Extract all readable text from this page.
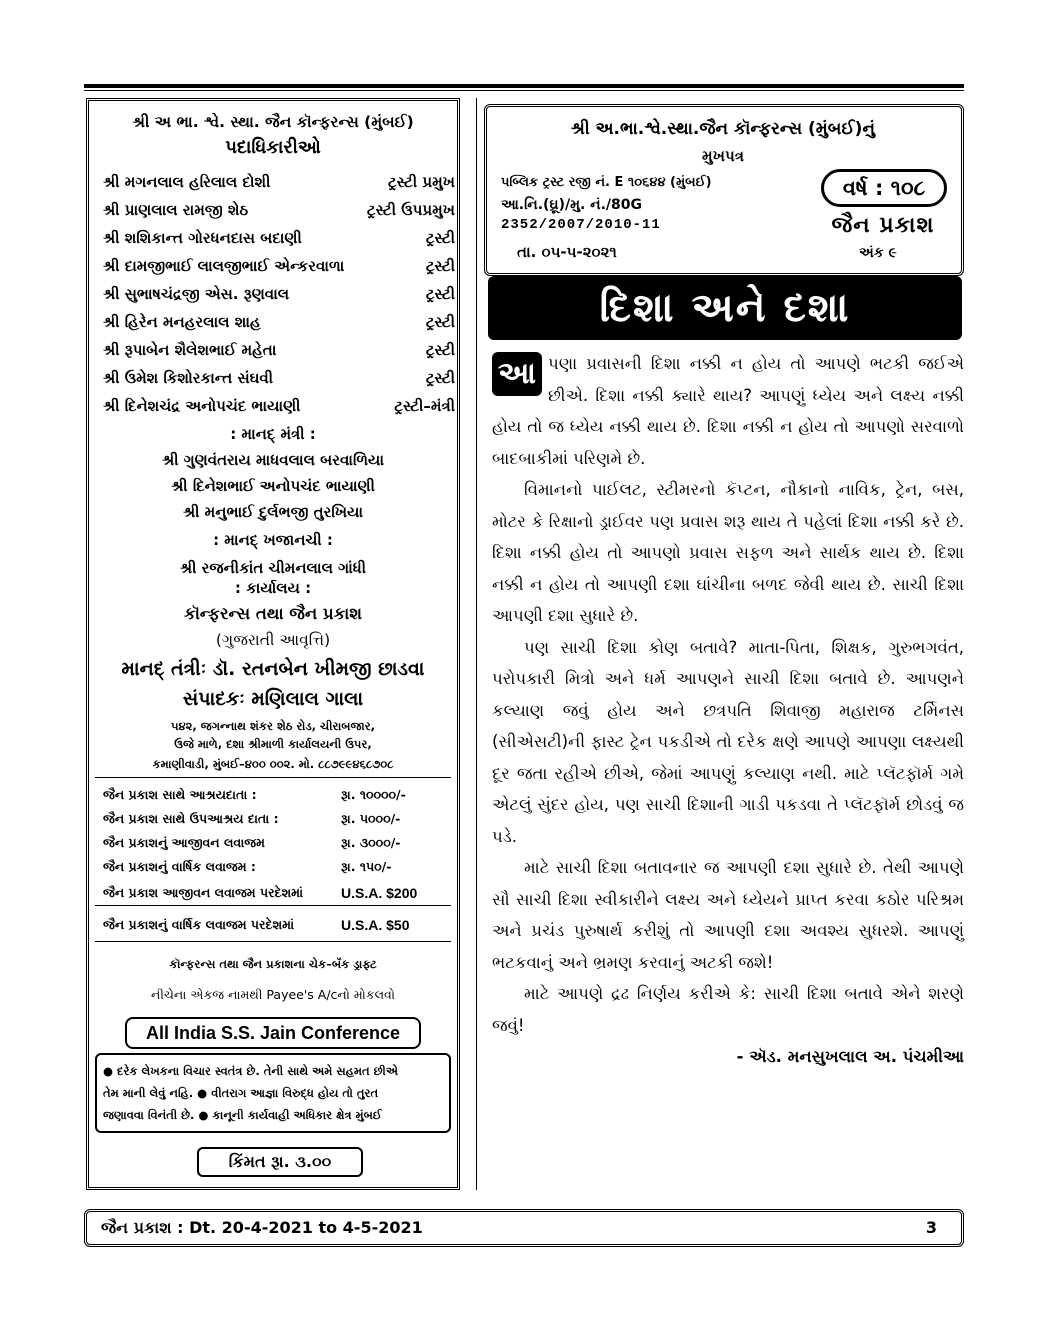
શ્રી અ ભા. શ્વે. સ્થા. જૈન કૉન્ફરન્સ (મુંબઈ)
પદાધિકારીઓ
શ્રી મગનલાલ હરિલાલ દોશી	ટ્રસ્ટી પ્રમુખ
શ્રી પ્રાણલાલ રામજી શેઠ	ટ્રસ્ટી ઉપપ્રમુખ
શ્રી શશિકાન્ત ગોરધનદાસ બદાણી	ટ્રસ્ટી
શ્રી દામજીભાઈ લાલજીભાઈ એન્કરવાળા	ટ્રસ્ટી
શ્રી સુભાષચંદ્રજી એસ. રૂણવાલ	ટ્રસ્ટી
શ્રી હિરેન મનહરલાલ શાહ	ટ્રસ્ટી
શ્રી રૂપાબેન શૈલેશભાઈ મહેતા	ટ્રસ્ટી
શ્રી ઉમેશ કિશોરકાન્ત સંઘવી	ટ્રસ્ટી
શ્રી દિનેશચંદ્ર અનોપચંદ ભાયાણી	ટ્રસ્ટી–મંત્રી
: માનદ્ મંત્રી :
શ્રી ગુણવંતરાય માધવલાલ બરવાળિયા
શ્રી દિનેશભાઈ અનોપચંદ ભાયાણી
શ્રી મનુભાઈ દુર્લભજી તુરખિયા
: માનદ્ ખજાનચી :
શ્રી રજનીકાંત ચીમનલાલ ગાંધી
: કાર્યાલય :
કૉન્ફરન્સ તથા જૈન પ્રકાશ
(ગુજરાતી આવૃત્તિ)
માનદ્ તંત્રીઃ ડૉ. રતનબેન ખીમજી છાડવા
સંપાદકઃ મણિલાલ ગાલા
૫૪૨, જગન્નાથ શંકર શેઠ રોડ, ચીરાબજાર,
ઉજે માળે, દશા શ્રીમાળી કાર્યાલયની ઉપર,
કમાણીવાડી, મુંબઈ–૪૦૦ ૦૦૨. મો. ૮૮૭૯૯૪૬૮૭૦૮
જૈન પ્રકાશ સાથે આશ્રયદાતા :	રૂા. ૧૦૦૦૦/-
જૈન પ્રકાશ સાથે ઉપઆશ્રય દાતા :	રૂા. ૫૦૦૦/-
જૈન પ્રકાશનું આજીવન લવાજમ	રૂા. ૩૦૦૦/-
જૈન પ્રકાશનું વાર્ષિક લવાજમ :	રૂા. ૧૫૦/-
જૈન પ્રકાશ આજીવન લવાજમ પરદેશમાં	U.S.A. $200
જૈન પ્રકાશનું વાર્ષિક લવાજમ પરદેશમાં	U.S.A. $50
કૉન્ફરન્સ તથા જૈન પ્રકાશના ચેક–બૅંક ડ્રાફ્ટ
નીચેના એકજ નામથી Payee's A/cનો મોકલવો
All India S.S. Jain Conference
● દરેક લેખકના વિચાર સ્વતંત્ર છે. તેની સાથે અમે સહમત છીએ
તેમ માની લેવું નહિ. ● વીતરાગ આજ્ઞા વિરુદ્ધ હોય તો તુરત
જણાવવા વિનંતી છે. ● કાનૂની કાર્યવાહી અધિકાર ક્ષેત્ર મુંબઈ
કિંમત રૂા. ૩.૦૦
શ્રી અ.ભા.શ્વે.સ્થા.જૈન કૉન્ફરન્સ (મુંબઈ)નું
મુખપત્ર
પબ્લિક ટ્રસ્ટ રજી નં. E ૧૦૬૪૪ (મુંબઈ)
આ.નિ.(ઘ્રૂ)/મુ. નં./80G
2352/2007/2010-11
તા. ૦૫-૫-૨૦૨૧
વર્ષ : ૧૦૮
જૈન પ્રકાશ
અંક ૯
દિશા અને દશા
આ પણા પ્રવાસની દિશા નક્કી ન હોય તો આપણે ભટકી જઈએ છીએ. દિશા નક્કી ક્યારે થાય? આપણું ધ્યેય અને લક્ષ્ય નક્કી હોય તો જ ધ્યેય નક્કી થાય છે. દિશા નક્કી ન હોય તો આપણો સરવાળો બાદબાકીમાં પરિણમે છે.

વિમાનનો પાઈલટ, સ્ટીમરનો કૅપ્ટન, નૌકાનો નાવિક, ટ્રેન, બસ, મોટર કે રિક્ષાનો ડ્રાઈવર પણ પ્રવાસ શરૂ થાય તે પહેલાં દિશા નક્કી કરે છે. દિશા નક્કી હોય તો આપણો પ્રવાસ સફળ અને સાર્થક થાય છે. દિશા નક્કી ન હોય તો આપણી દશા ઘાંચીના બળદ જેવી થાય છે. સાચી દિશા આપણી દશા સુધારે છે.

પણ સાચી દિશા કોણ બતાવે? માતા-પિતા, શિક્ષક, ગુરુભગવંત, પરોપકારી મિત્રો અને ધર્મ આપણને સાચી દિશા બતાવે છે. આપણને કલ્યાણ જવું હોય અને છત્રપતિ શિવાજી મહારાજ ટર્મિનસ (સીએસટી)ની ફાસ્ટ ટ્રેન પકડીએ તો દરેક ક્ષણે આપણે આપણા લક્ષ્યથી દૂર જતા રહીએ છીએ, જેમાં આપણું કલ્યાણ નથી. માટે પ્લૅટફૉર્મ ગમે એટલું સુંદર હોય, પણ સાચી દિશાની ગાડી પકડવા તે પ્લૅટફૉર્મ છોડવું જ પડે.

માટે સાચી દિશા બતાવનાર જ આપણી દશા સુધારે છે. તેથી આપણે સૌ સાચી દિશા સ્વીકારીને લક્ષ્ય અને ધ્યેયને પ્રાપ્ત કરવા કઠોર પરિશ્રમ અને પ્રચંડ પુરુષાર્થ કરીશું તો આપણી દશા અવશ્ય સુધરશે. આપણું ભટકવાનું અને ભ્રમણ કરવાનું અટકી જશે!

માટે આપણે દ્રઢ નિર્ણય કરીએ કે: સાચી દિશા બતાવે એને શરણે જવું!

- ઍડ. મનસુખલાલ અ. પંચમીઆ

જૈન પ્રકાશ : Dt. 20-4-2021 to 4-5-2021	3
